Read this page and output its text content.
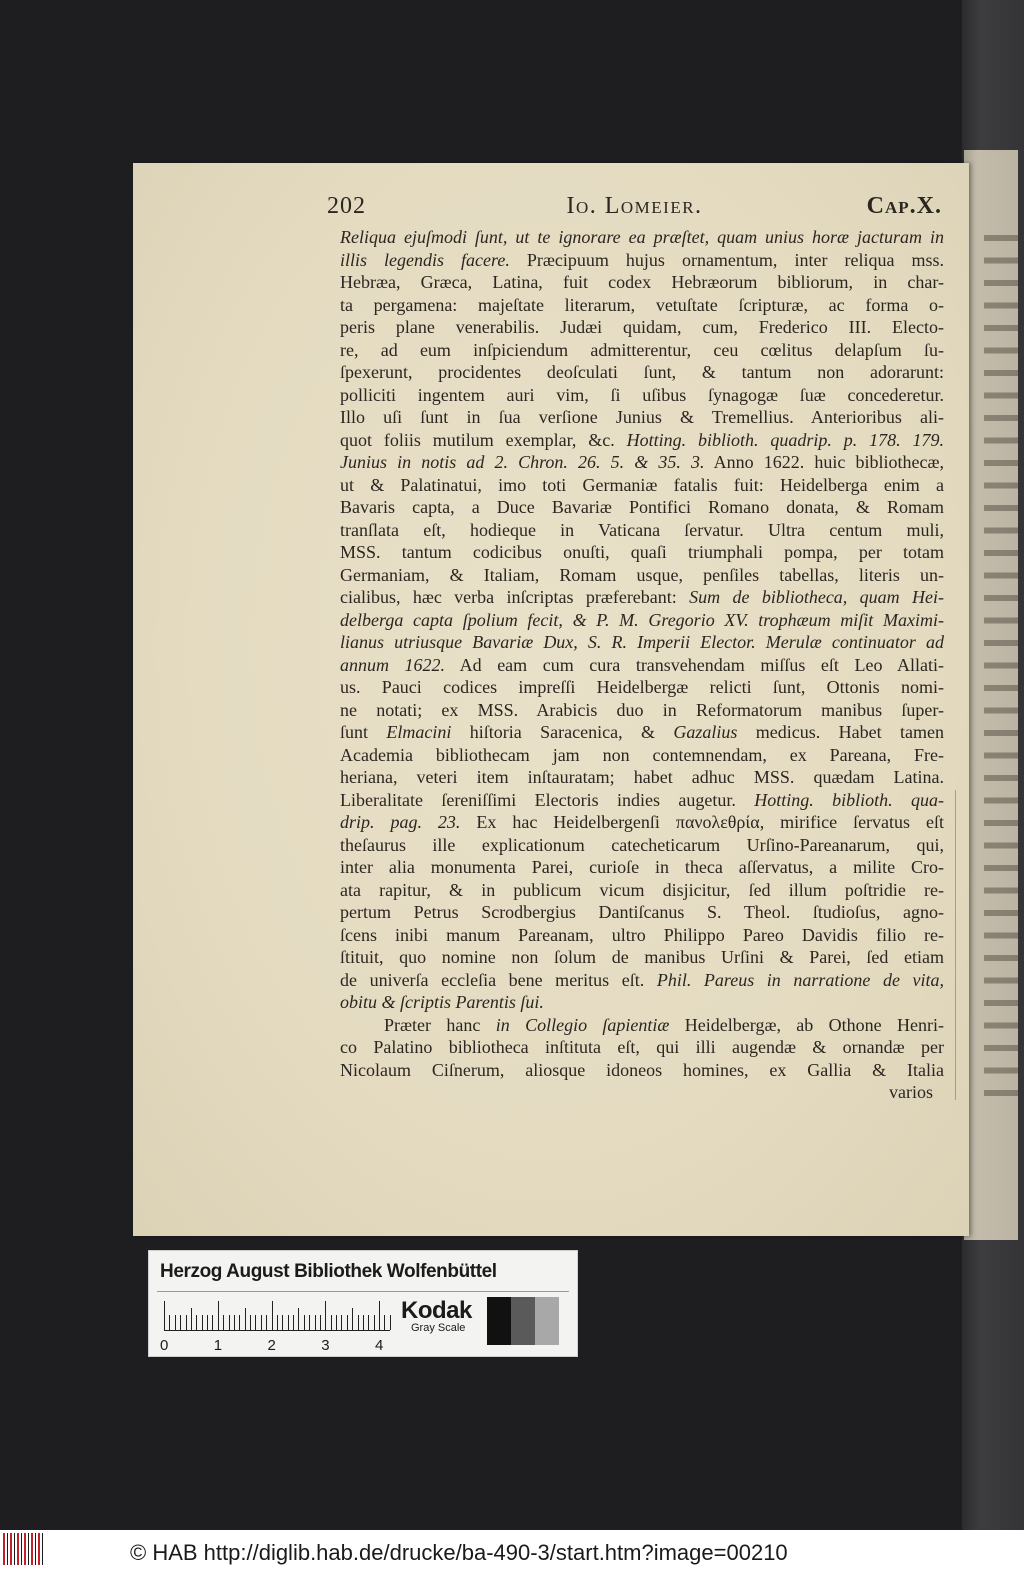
202	Io. Lomeier.	Cap.X.
Reliqua ejuſmodi ſunt, ut te ignorare ea præſtet, quam unius horæ jacturam in
illis legendis facere. Præcipuum hujus ornamentum, inter reliqua mss.
Hebræa, Græca, Latina, fuit codex Hebræorum bibliorum, in char-
ta pergamena: majeſtate literarum, vetuſtate ſcripturæ, ac forma o-
peris plane venerabilis. Judæi quidam, cum, Frederico III. Electo-
re, ad eum inſpiciendum admitterentur, ceu cœlitus delapſum ſu-
ſpexerunt, procidentes deoſculati ſunt, & tantum non adorarunt:
polliciti ingentem auri vim, ſi uſibus ſynagogæ ſuæ concederetur.
Illo uſi ſunt in ſua verſione Junius & Tremellius. Anterioribus ali-
quot foliis mutilum exemplar, &c. Hotting. biblioth. quadrip. p. 178. 179.
Junius in notis ad 2. Chron. 26. 5. & 35. 3. Anno 1622. huic bibliothecæ,
ut & Palatinatui, imo toti Germaniæ fatalis fuit: Heidelberga enim a
Bavaris capta, a Duce Bavariæ Pontifici Romano donata, & Romam
tranſlata eſt, hodieque in Vaticana ſervatur. Ultra centum muli,
MSS. tantum codicibus onuſti, quaſi triumphali pompa, per totam
Germaniam, & Italiam, Romam usque, penſiles tabellas, literis un-
cialibus, hæc verba inſcriptas præferebant: Sum de bibliotheca, quam Hei-
delberga capta ſpolium fecit, & P. M. Gregorio XV. trophæum miſit Maximi-
lianus utriusque Bavariæ Dux, S. R. Imperii Elector. Merulæ continuator ad
annum 1622. Ad eam cum cura transvehendam miſſus eſt Leo Allati-
us. Pauci codices impreſſi Heidelbergæ relicti ſunt, Ottonis nomi-
ne notati; ex MSS. Arabicis duo in Reformatorum manibus ſuper-
ſunt Elmacini hiſtoria Saracenica, & Gazalius medicus. Habet tamen
Academia bibliothecam jam non contemnendam, ex Pareana, Fre-
heriana, veteri item inſtauratam; habet adhuc MSS. quædam Latina.
Liberalitate ſereniſſimi Electoris indies augetur. Hotting. biblioth. qua-
drip. pag. 23. Ex hac Heidelbergenſi πανολεθρία, mirifice ſervatus eſt
theſaurus ille explicationum catecheticarum Urſino-Pareanarum, qui,
inter alia monumenta Parei, curioſe in theca aſſervatus, a milite Cro-
ata rapitur, & in publicum vicum disjicitur, ſed illum poſtridie re-
pertum Petrus Scrodbergius Dantiſcanus S. Theol. ſtudioſus, agno-
ſcens inibi manum Pareanam, ultro Philippo Pareo Davidis filio re-
ſtituit, quo nomine non ſolum de manibus Urſini & Parei, ſed etiam
de univerſa eccleſia bene meritus eſt. Phil. Pareus in narratione de vita,
obitu & ſcriptis Parentis ſui.
Præter hanc in Collegio ſapientiæ Heidelbergæ, ab Othone Henri-
co Palatino bibliotheca inſtituta eſt, qui illi augendæ & ornandæ per
Nicolaum Ciſnerum, aliosque idoneos homines, ex Gallia & Italia
varios
Herzog August Bibliothek Wolfenbüttel
0	1	2	3	4
Kodak
Gray Scale
© HAB http://diglib.hab.de/drucke/ba-490-3/start.htm?image=00210
